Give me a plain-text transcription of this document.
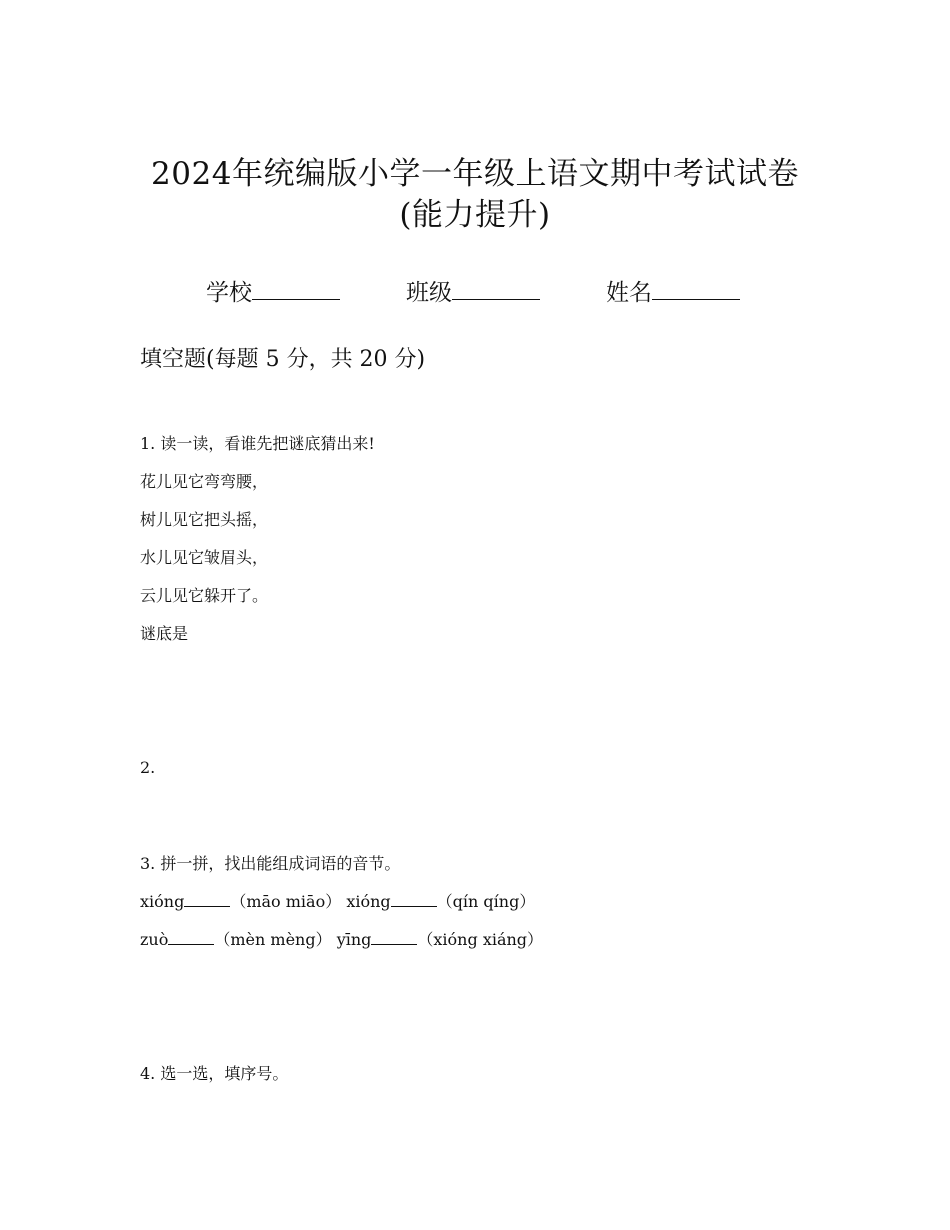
2024年统编版小学一年级上语文期中考试试卷
(能力提升)
学校	班级	姓名
填空题(每题 5 分，共 20 分)
1. 读一读，看谁先把谜底猜出来!
花儿见它弯弯腰，
树儿见它把头摇，
水儿见它皱眉头，
云儿见它躲开了。
谜底是
2.
3. 拼一拼，找出能组成词语的音节。
xióng	（māo miāo） xióng	（qín qíng）
zuò	（mèn mèng） yīng	（xióng xiáng）
4. 选一选，填序号。
